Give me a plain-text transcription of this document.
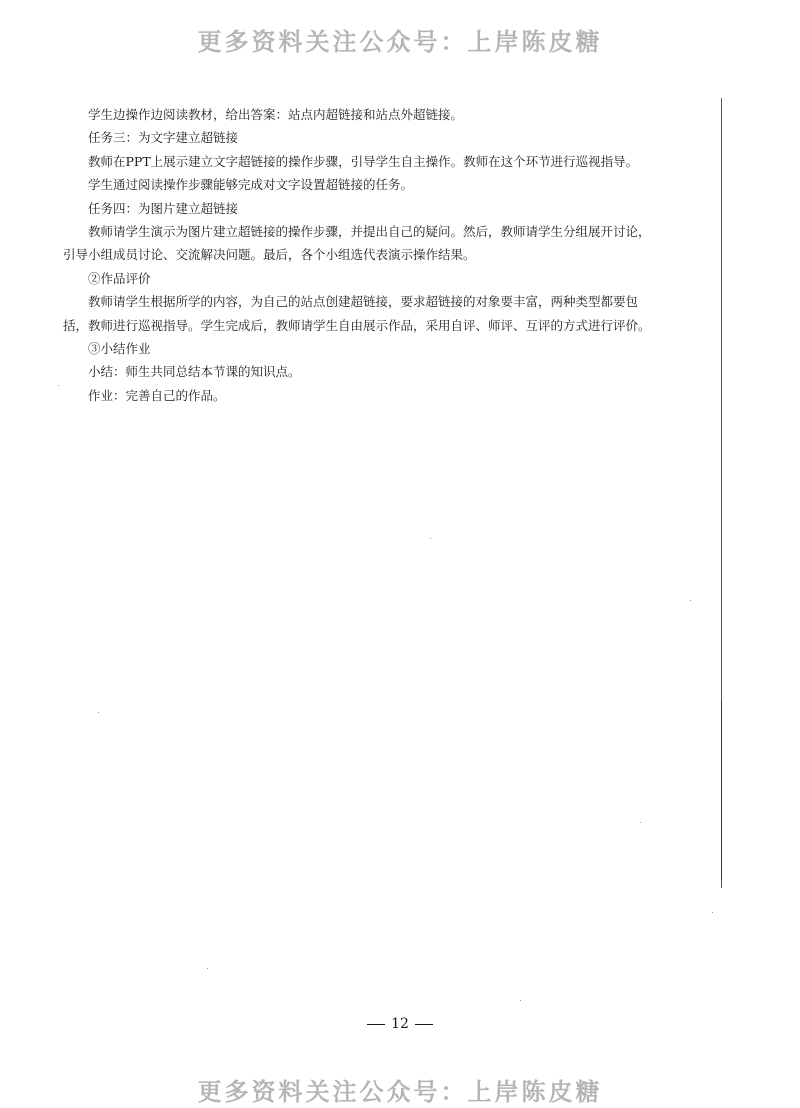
更多资料关注公众号：上岸陈皮糖
学生边操作边阅读教材，给出答案：站点内超链接和站点外超链接。
任务三：为文字建立超链接
教师在PPT上展示建立文字超链接的操作步骤，引导学生自主操作。教师在这个环节进行巡视指导。
学生通过阅读操作步骤能够完成对文字设置超链接的任务。
任务四：为图片建立超链接
教师请学生演示为图片建立超链接的操作步骤，并提出自己的疑问。然后，教师请学生分组展开讨论，
引导小组成员讨论、交流解决问题。最后，各个小组选代表演示操作结果。
②作品评价
教师请学生根据所学的内容，为自己的站点创建超链接，要求超链接的对象要丰富，两种类型都要包
括，教师进行巡视指导。学生完成后，教师请学生自由展示作品，采用自评、师评、互评的方式进行评价。
③小结作业
小结：师生共同总结本节课的知识点。
作业：完善自己的作品。
12
更多资料关注公众号：上岸陈皮糖
